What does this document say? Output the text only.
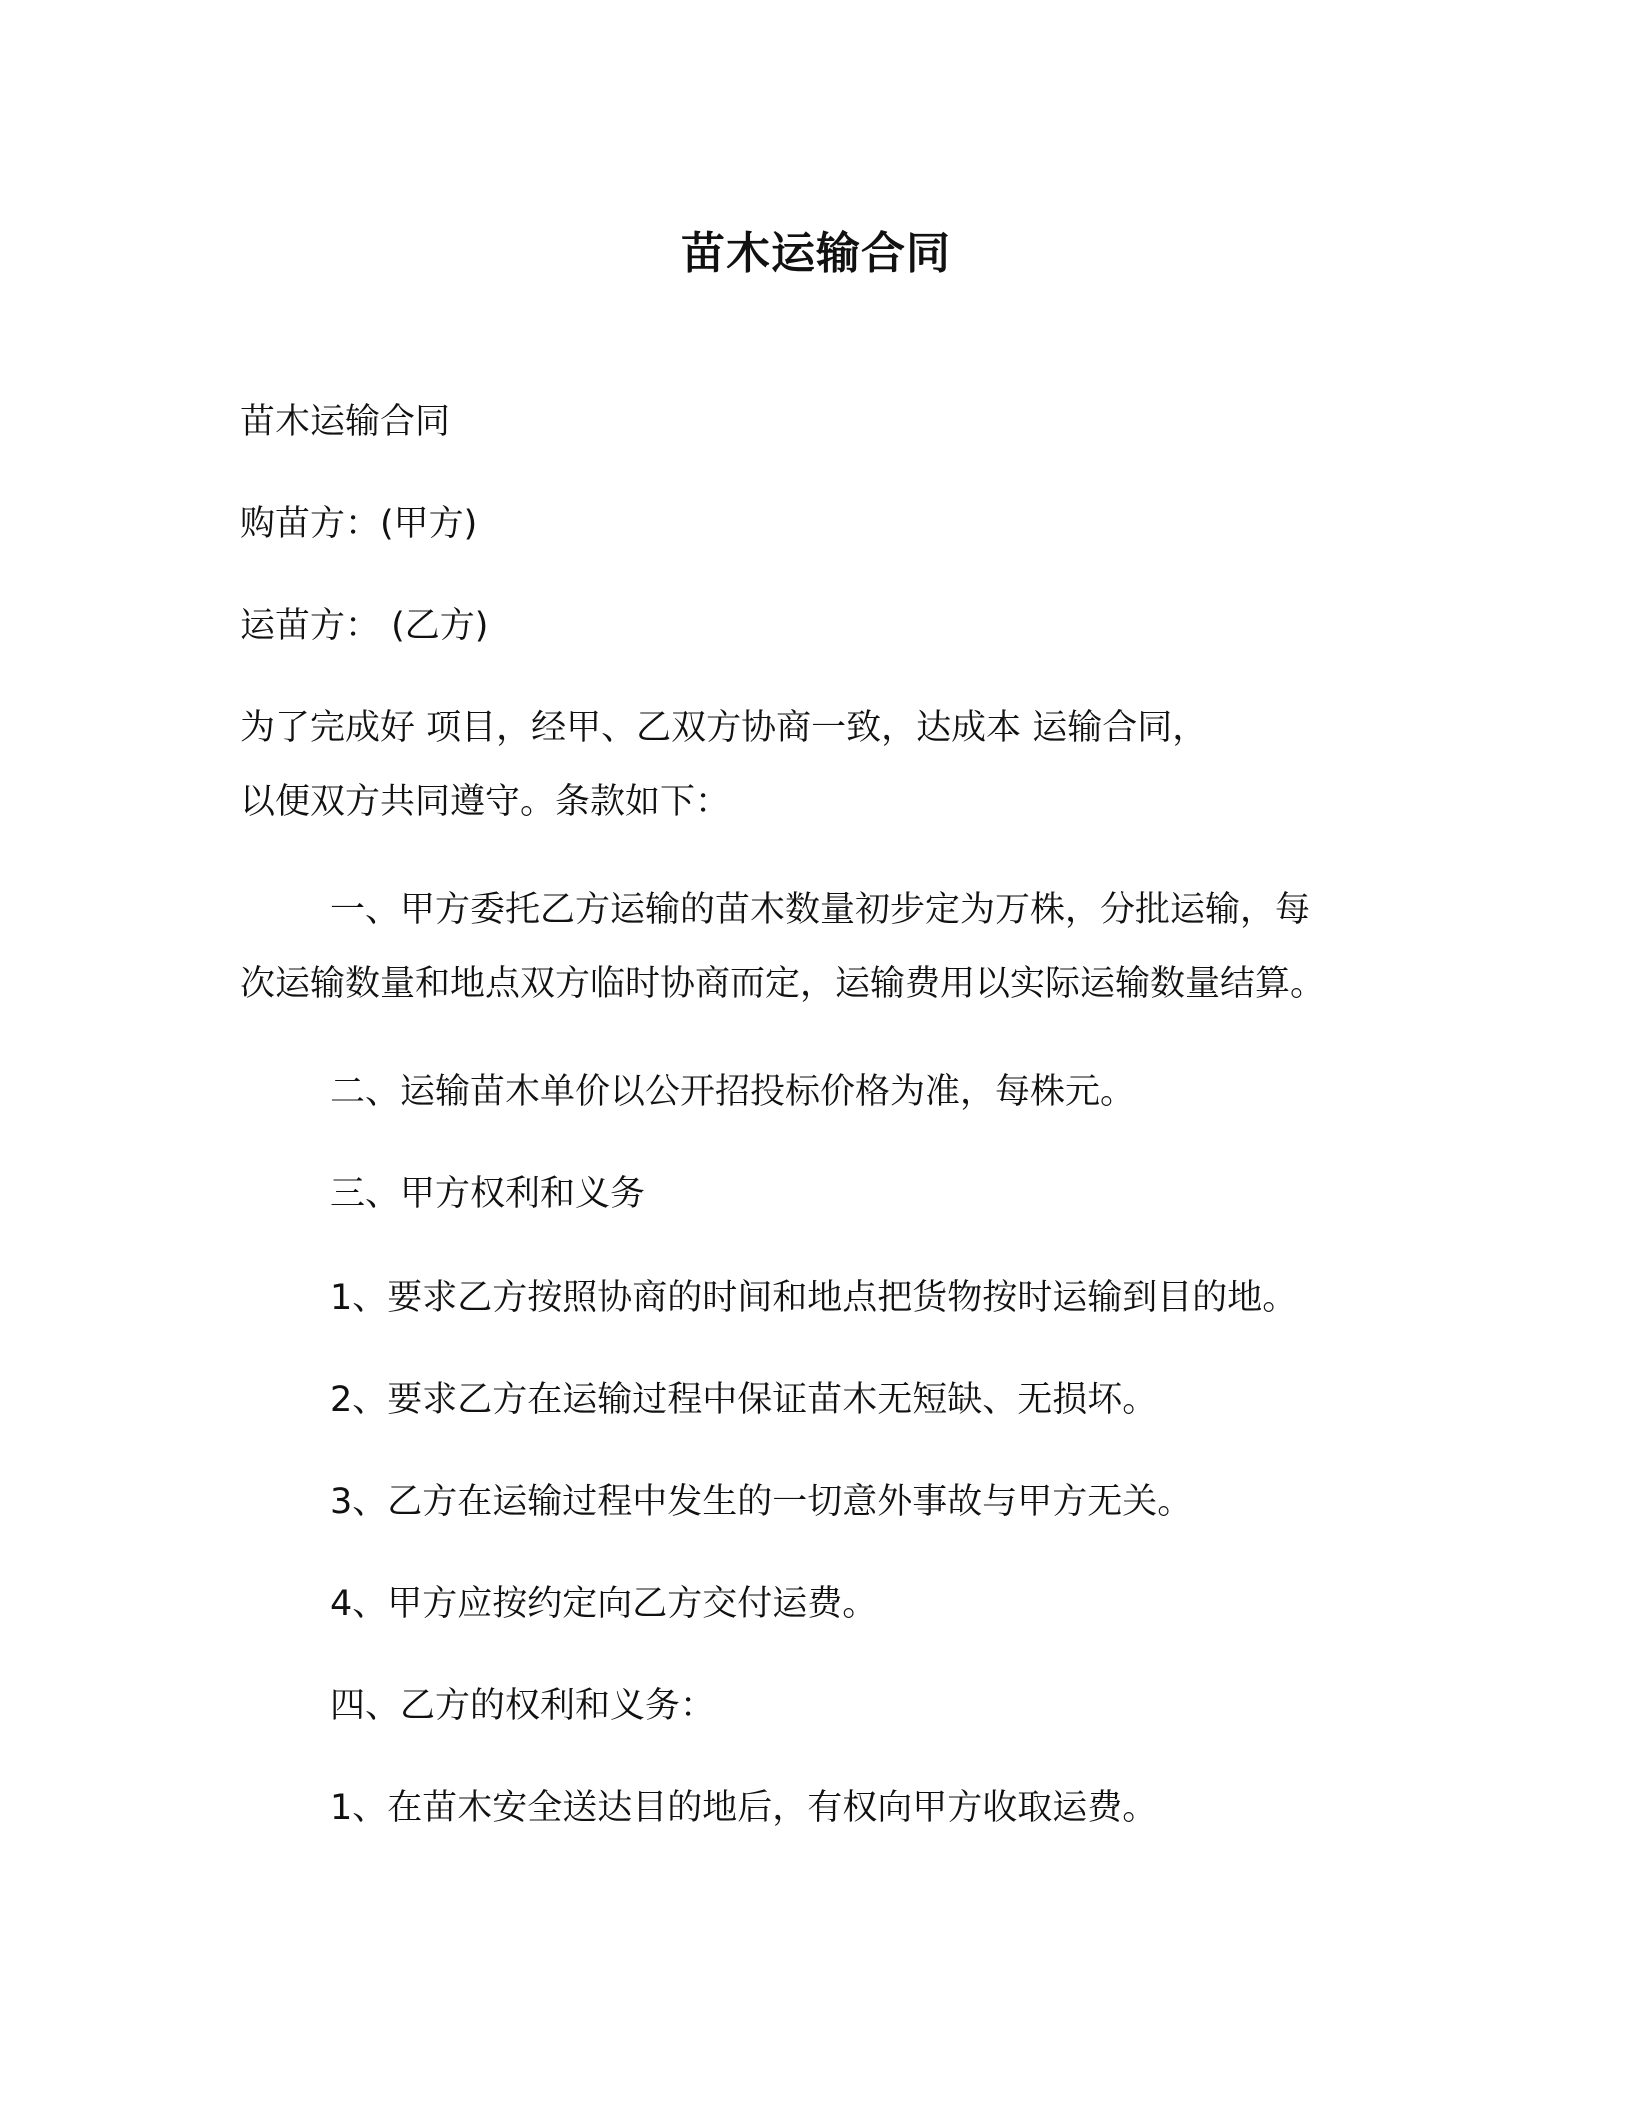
苗木运输合同
苗木运输合同
购苗方：(甲方)
运苗方： (乙方)
为了完成好 项目，经甲、乙双方协商一致，达成本 运输合同，
以便双方共同遵守。条款如下：
一、甲方委托乙方运输的苗木数量初步定为万株，分批运输，每
次运输数量和地点双方临时协商而定，运输费用以实际运输数量结算。
二、运输苗木单价以公开招投标价格为准，每株元。
三、甲方权利和义务
1、要求乙方按照协商的时间和地点把货物按时运输到目的地。
2、要求乙方在运输过程中保证苗木无短缺、无损坏。
3、乙方在运输过程中发生的一切意外事故与甲方无关。
4、甲方应按约定向乙方交付运费。
四、乙方的权利和义务：
1、在苗木安全送达目的地后，有权向甲方收取运费。
